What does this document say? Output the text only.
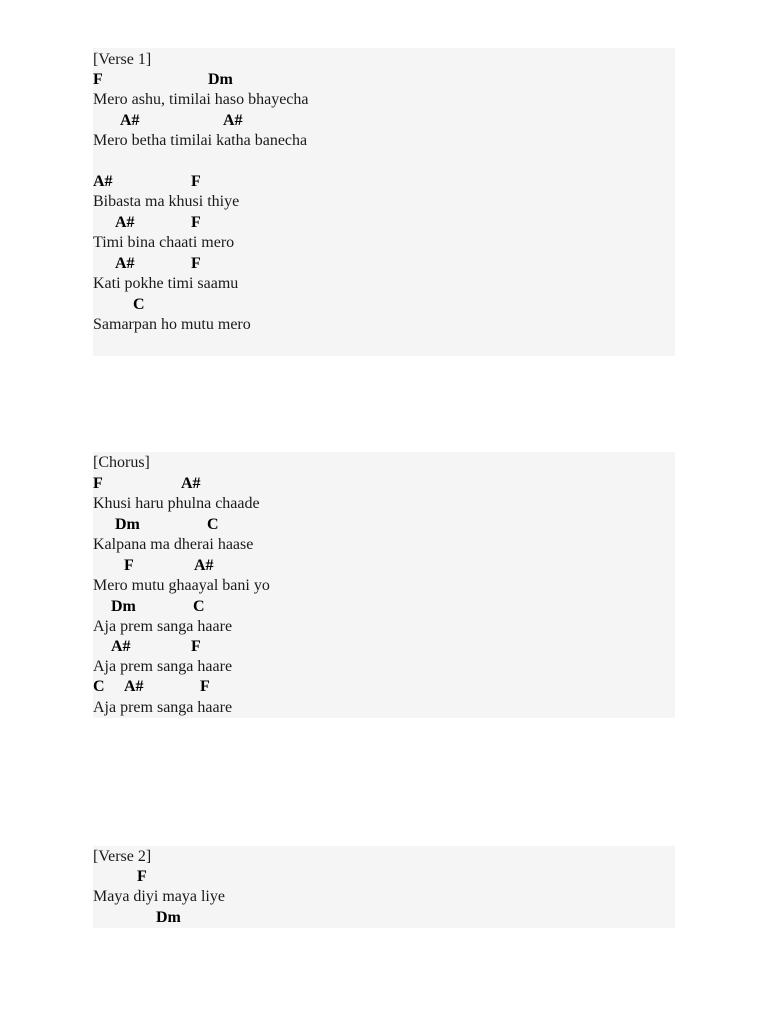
[Verse 1]
F	Dm
Mero ashu, timilai haso bhayecha
A#	A#
Mero betha timilai katha banecha
A#	F
Bibasta ma khusi thiye
A#	F
Timi bina chaati mero
A#	F
Kati pokhe timi saamu
C
Samarpan ho mutu mero
[Chorus]
F	A#
Khusi haru phulna chaade
Dm	C
Kalpana ma dherai haase
F	A#
Mero mutu ghaayal bani yo
Dm	C
Aja prem sanga haare
A#	F
Aja prem sanga haare
C A#	F
Aja prem sanga haare
[Verse 2]
F
Maya diyi maya liye
Dm
